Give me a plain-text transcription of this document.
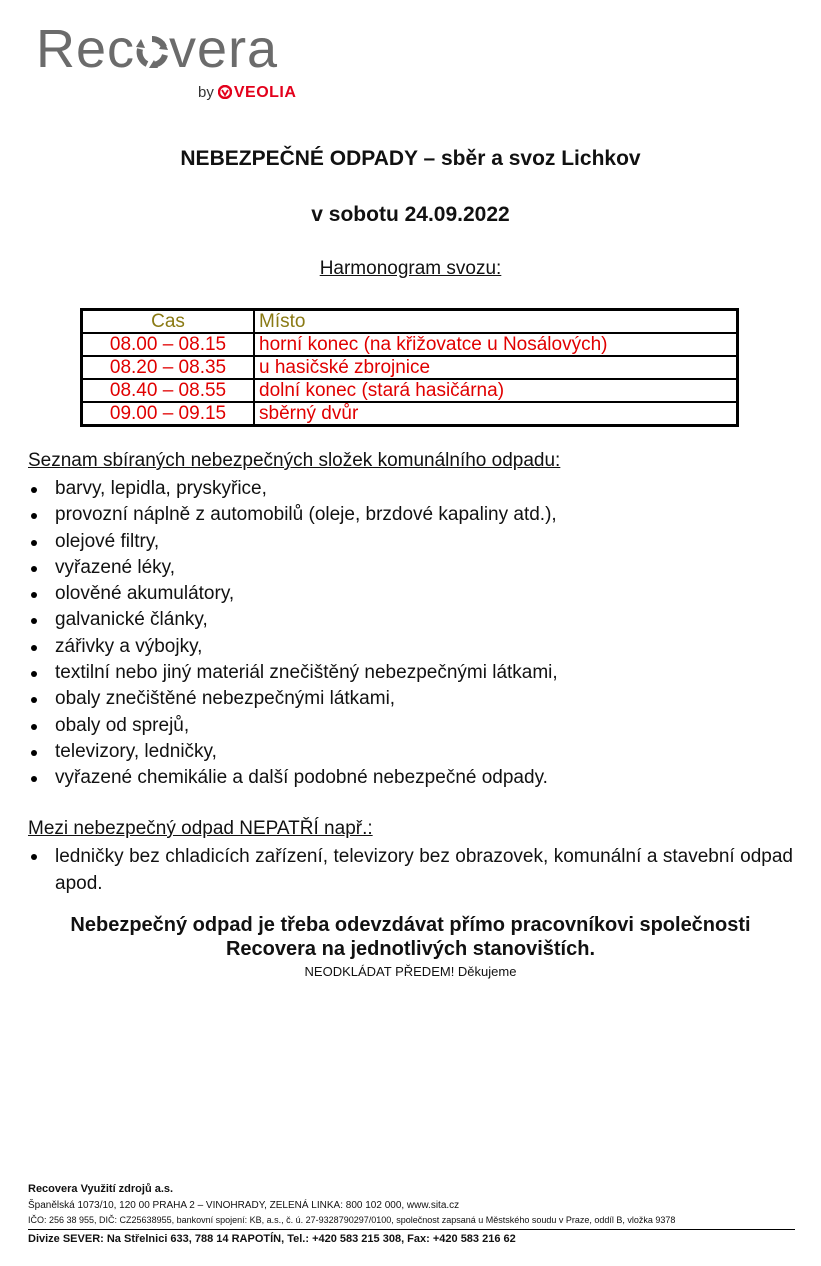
Rec vera
by VEOLIA
NEBEZPEČNÉ ODPADY – sběr a svoz Lichkov
v sobotu 24.09.2022
Harmonogram svozu:
Cas	Místo
08.00 – 08.15	horní konec (na křižovatce u Nosálových)
08.20 – 08.35	u hasičské zbrojnice
08.40 – 08.55	dolní konec (stará hasičárna)
09.00 – 09.15	sběrný dvůr
Seznam sbíraných nebezpečných složek komunálního odpadu:
barvy, lepidla, pryskyřice,
provozní náplně z automobilů (oleje, brzdové kapaliny atd.),
olejové filtry,
vyřazené léky,
olověné akumulátory,
galvanické články,
zářivky a výbojky,
textilní nebo jiný materiál znečištěný nebezpečnými látkami,
obaly znečištěné nebezpečnými látkami,
obaly od sprejů,
televizory, ledničky,
vyřazené chemikálie a další podobné nebezpečné odpady.
Mezi nebezpečný odpad NEPATŘÍ např.:
ledničky bez chladicích zařízení, televizory bez obrazovek, komunální a stavební odpad apod.
Nebezpečný odpad je třeba odevzdávat přímo pracovníkovi společnosti
Recovera na jednotlivých stanovištích.
NEODKLÁDAT PŘEDEM! Děkujeme
Recovera Využití zdrojů a.s.
Španělská 1073/10, 120 00 PRAHA 2 – VINOHRADY, ZELENÁ LINKA: 800 102 000, www.sita.cz
IČO: 256 38 955, DIČ: CZ25638955, bankovní spojení: KB, a.s., č. ú. 27-9328790297/0100, společnost zapsaná u Městského soudu v Praze, oddíl B, vložka 9378
Divize SEVER: Na Střelnici 633, 788 14 RAPOTÍN, Tel.: +420 583 215 308, Fax: +420 583 216 62
